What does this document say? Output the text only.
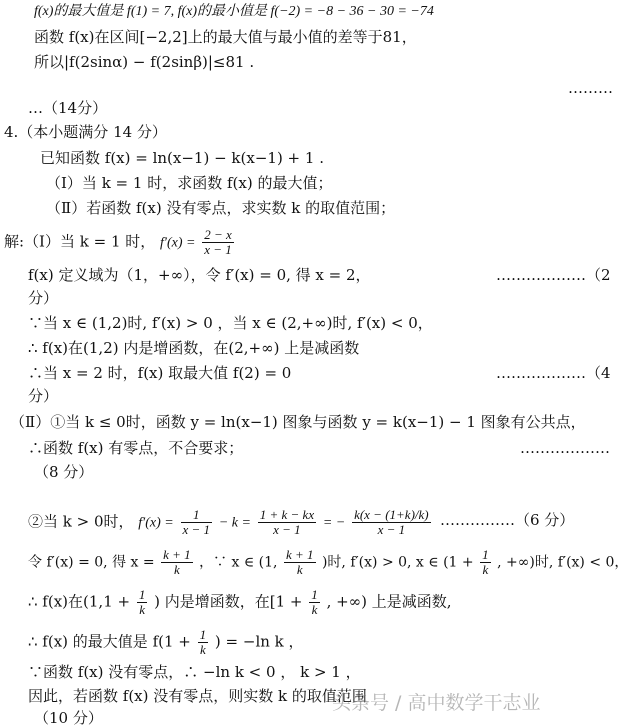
f(x)的最大值是 f(1) = 7, f(x)的最小值是 f(−2) = −8 − 36 − 30 = −74
函数 f(x)在区间[−2,2]上的最大值与最小值的差等于81，
所以|f(2sinα) − f(2sinβ)|≤81 .
………
…（14分）
4.（本小题满分 14 分）
已知函数 f(x) = ln(x−1) − k(x−1) + 1 .
（Ⅰ）当 k = 1 时，求函数 f(x) 的最大值；
（Ⅱ）若函数 f(x) 没有零点，求实数 k 的取值范围；
解:（Ⅰ）当 k = 1 时， $f'(x) = \frac{2 - x}{x - 1}$
f(x) 定义域为（1，+∞），令 f′(x) = 0, 得 x = 2，	………………（2
分）
∵当 x ∈ (1,2)时, f′(x) > 0 ，当 x ∈ (2,+∞)时, f′(x) < 0，
∴ f(x)在(1,2) 内是增函数，在(2,+∞) 上是减函数
∴当 x = 2 时，f(x) 取最大值 f(2) = 0	………………（4
分）
（Ⅱ）①当 k ≤ 0时，函数 y = ln(x−1) 图象与函数 y = k(x−1) − 1 图象有公共点，
∴函数 f(x) 有零点，不合要求；	………………
（8 分）
②当 k > 0时， $f'(x) = \frac{1}{x - 1} - k = \frac{1 + k - kx}{x - 1}$ = − $\frac{k(x - (1+k)/k)}{x - 1}$ ……………（6 分）
令 f′(x) = 0, 得 $x = \frac{k + 1}{k}$ ，∵ x ∈ (1, $\frac{k + 1}{k}$ )时, f′(x) > 0, x ∈ ($1 + \frac{1}{k}$ , +∞)时, f′(x) < 0，
∴ f(x)在($1,1 + \frac{1}{k}$ ) 内是增函数，在[$1 + \frac{1}{k}$ , +∞) 上是减函数,
∴ f(x) 的最大值是 $f(1 + \frac{1}{k}$ ) = −ln k ，
∵函数 f(x) 没有零点，∴ −ln k < 0 ， k > 1 ，
因此，若函数 f(x) 没有零点，则实数 k 的取值范围
（10 分）
头条号 / 高中数学干志业
